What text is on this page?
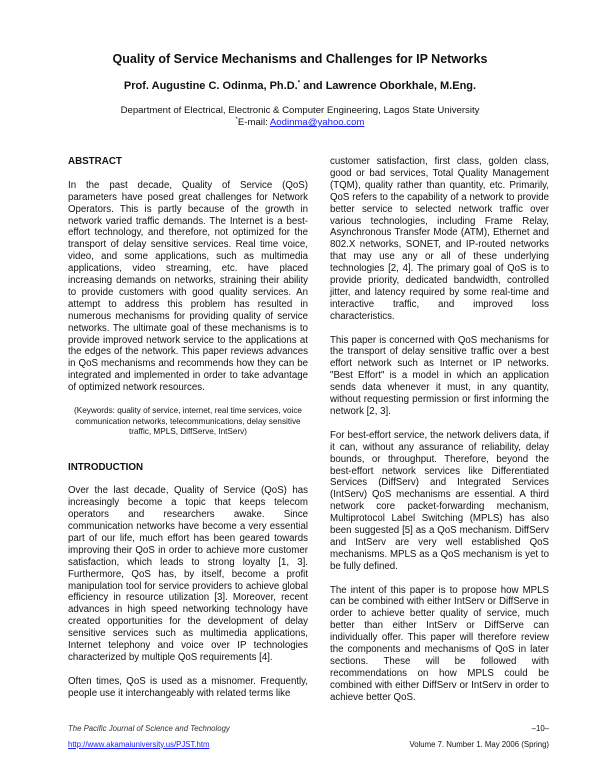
Quality of Service Mechanisms and Challenges for IP Networks
Prof. Augustine C. Odinma, Ph.D.* and Lawrence Oborkhale, M.Eng.
Department of Electrical, Electronic & Computer Engineering, Lagos State University
*E-mail: Aodinma@yahoo.com
ABSTRACT

In the past decade, Quality of Service (QoS) parameters have posed great challenges for Network Operators. This is partly because of the growth in network varied traffic demands. The Internet is a best-effort technology, and therefore, not optimized for the transport of delay sensitive services. Real time voice, video, and some applications, such as multimedia applications, video streaming, etc. have placed increasing demands on networks, straining their ability to provide customers with good quality services. An attempt to address this problem has resulted in numerous mechanisms for providing quality of service networks. The ultimate goal of these mechanisms is to provide improved network service to the applications at the edges of the network. This paper reviews advances in QoS mechanisms and recommends how they can be integrated and implemented in order to take advantage of optimized network resources.

(Keywords: quality of service, internet, real time services, voice communication networks, telecommunications, delay sensitive traffic, MPLS, DiffServe, IntServ)

INTRODUCTION

Over the last decade, Quality of Service (QoS) has increasingly become a topic that keeps telecom operators and researchers awake. Since communication networks have become a very essential part of our life, much effort has been geared towards improving their QoS in order to achieve more customer satisfaction, which leads to strong loyalty [1, 3]. Furthermore, QoS has, by itself, become a profit manipulation tool for service providers to achieve global efficiency in resource utilization [3]. Moreover, recent advances in high speed networking technology have created opportunities for the development of delay sensitive services such as multimedia applications, Internet telephony and voice over IP technologies characterized by multiple QoS requirements [4].

Often times, QoS is used as a misnomer. Frequently, people use it interchangeably with related terms like

customer satisfaction, first class, golden class, good or bad services, Total Quality Management (TQM), quality rather than quantity, etc. Primarily, QoS refers to the capability of a network to provide better service to selected network traffic over various technologies, including Frame Relay, Asynchronous Transfer Mode (ATM), Ethernet and 802.X networks, SONET, and IP-routed networks that may use any or all of these underlying technologies [2, 4]. The primary goal of QoS is to provide priority, dedicated bandwidth, controlled jitter, and latency required by some real-time and interactive traffic, and improved loss characteristics.

This paper is concerned with QoS mechanisms for the transport of delay sensitive traffic over a best effort network such as Internet or IP networks. "Best Effort" is a model in which an application sends data whenever it must, in any quantity, without requesting permission or first informing the network [2, 3].

For best-effort service, the network delivers data, if it can, without any assurance of reliability, delay bounds, or throughput. Therefore, beyond the best-effort network services like Differentiated Services (DiffServ) and Integrated Services (IntServ) QoS mechanisms are essential. A third network core packet-forwarding mechanism, Multiprotocol Label Switching (MPLS) has also been suggested [5] as a QoS mechanism. DiffServ and IntServ are very well established QoS mechanisms. MPLS as a QoS mechanism is yet to be fully defined.

The intent of this paper is to propose how MPLS can be combined with either IntServ or DiffServe in order to achieve better quality of service, much better than either IntServ or DiffServe can individually offer. This paper will therefore review the components and mechanisms of QoS in later sections. These will be followed with recommendations on how MPLS could be combined with either DiffServ or IntServ in order to achieve better QoS.

The Pacific Journal of Science and Technology
http://www.akamaiuniversity.us/PJST.htm
–10–
Volume 7. Number 1. May 2006 (Spring)
